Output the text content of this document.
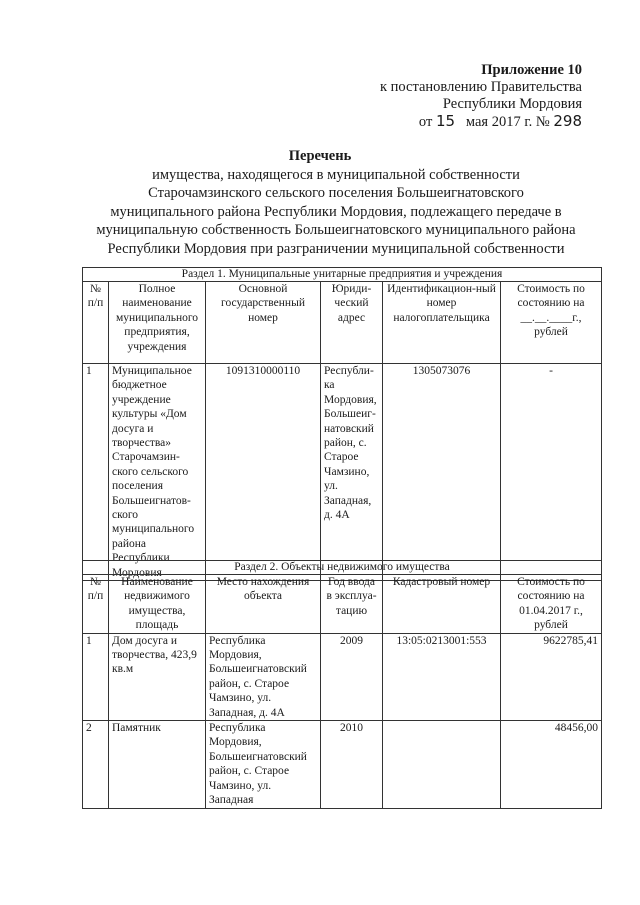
Приложение 10
к постановлению Правительства
Республики Мордовия
от 15 мая 2017 г. № 298
Перечень
имущества, находящегося в муниципальной собственности
Старочамзинского сельского поселения Большеигнатовского
муниципального района Республики Мордовия, подлежащего передаче в
муниципальную собственность Большеигнатовского муниципального района
Республики Мордовия при разграничении муниципальной собственности
Раздел 1. Муниципальные унитарные предприятия и учреждения					
№ п/п	Полное наименование муниципального предприятия, учреждения	Основной государственный номер	Юриди-ческий адрес	Идентификацион-ный номер налогоплательщика	Стоимость по состоянию на __.__.____г., рублей
1	Муниципальное бюджетное учреждение культуры «Дом досуга и творчества» Старочамзин-ского сельского поселения Большеигнатов-ского муниципального района Республики Мордовия	1091310000110	Республи-ка Мордовия, Большеиг-натовский район, с. Старое Чамзино, ул. Западная, д. 4А	1305073076	-
Раздел 2. Объекты недвижимого имущества					
№ п/п	Наименование недвижимого имущества, площадь	Место нахождения объекта	Год ввода в эксплуа-тацию	Кадастровый номер	Стоимость по состоянию на 01.04.2017 г., рублей
1	Дом досуга и творчества, 423,9 кв.м	Республика Мордовия, Большеигнатовский район, с. Старое Чамзино, ул. Западная, д. 4А	2009	13:05:0213001:553	9622785,41
2	Памятник	Республика Мордовия, Большеигнатовский район, с. Старое Чамзино, ул. Западная	2010		48456,00
